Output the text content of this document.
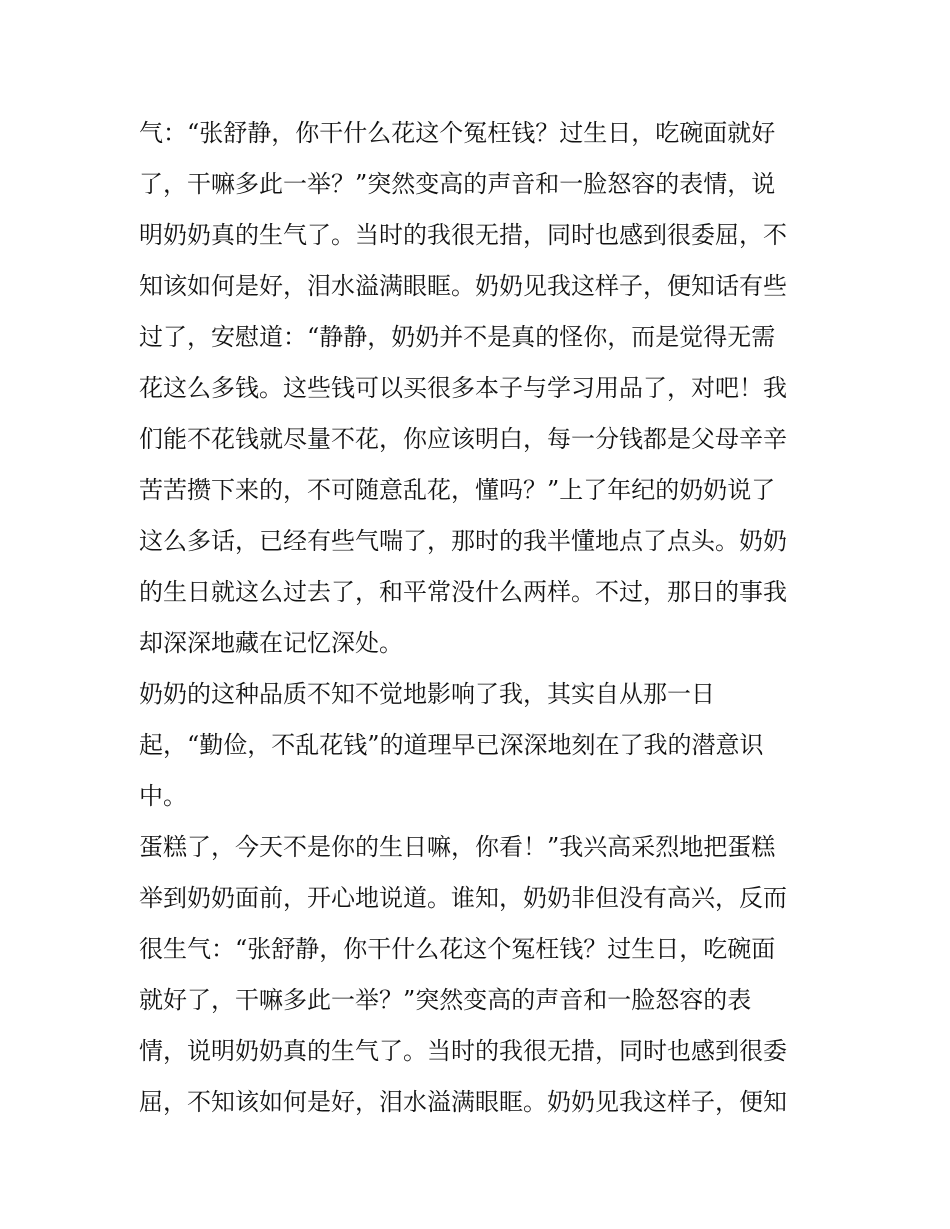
气：“张舒静，你干什么花这个冤枉钱？过生日，吃碗面就好
了，干嘛多此一举？”突然变高的声音和一脸怒容的表情，说
明奶奶真的生气了。当时的我很无措，同时也感到很委屈，不
知该如何是好，泪水溢满眼眶。奶奶见我这样子，便知话有些
过了，安慰道：“静静，奶奶并不是真的怪你，而是觉得无需
花这么多钱。这些钱可以买很多本子与学习用品了，对吧！我
们能不花钱就尽量不花，你应该明白，每一分钱都是父母辛辛
苦苦攒下来的，不可随意乱花，懂吗？”上了年纪的奶奶说了
这么多话，已经有些气喘了，那时的我半懂地点了点头。奶奶
的生日就这么过去了，和平常没什么两样。不过，那日的事我
却深深地藏在记忆深处。
奶奶的这种品质不知不觉地影响了我，其实自从那一日
起，“勤俭，不乱花钱”的道理早已深深地刻在了我的潜意识
中。
蛋糕了，今天不是你的生日嘛，你看！”我兴高采烈地把蛋糕
举到奶奶面前，开心地说道。谁知，奶奶非但没有高兴，反而
很生气：“张舒静，你干什么花这个冤枉钱？过生日，吃碗面
就好了，干嘛多此一举？”突然变高的声音和一脸怒容的表
情，说明奶奶真的生气了。当时的我很无措，同时也感到很委
屈，不知该如何是好，泪水溢满眼眶。奶奶见我这样子，便知
